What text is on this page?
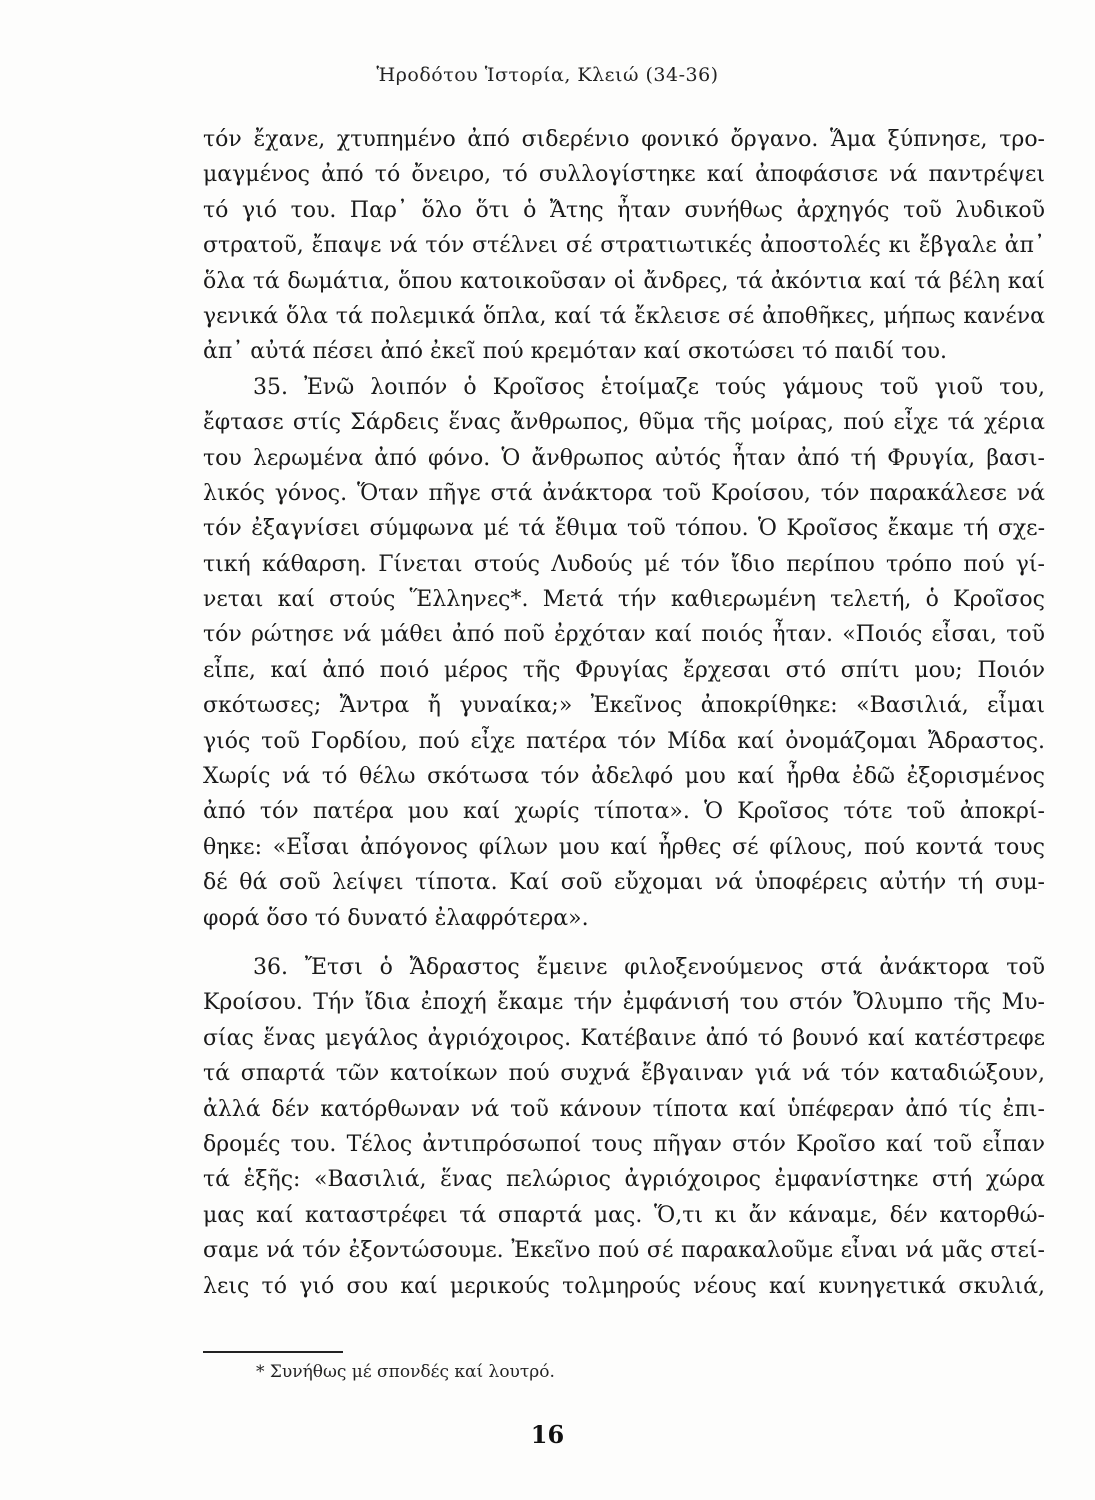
Ἡροδότου Ἱστορία, Κλειώ (34-36)
τόν ἔχανε, χτυπημένο ἀπό σιδερένιο φονικό ὄργανο. Ἅμα ξύπνησε, τρο-
μαγμένος ἀπό τό ὄνειρο, τό συλλογίστηκε καί ἀποφάσισε νά παντρέψει
τό γιό του. Παρ᾽ ὅλο ὅτι ὁ Ἄτης ἦταν συνήθως ἀρχηγός τοῦ λυδικοῦ
στρατοῦ, ἔπαψε νά τόν στέλνει σέ στρατιωτικές ἀποστολές κι ἔβγαλε ἀπ᾽
ὅλα τά δωμάτια, ὅπου κατοικοῦσαν οἱ ἄνδρες, τά ἀκόντια καί τά βέλη καί
γενικά ὅλα τά πολεμικά ὅπλα, καί τά ἔκλεισε σέ ἀποθῆκες, μήπως κανένα
ἀπ᾽ αὐτά πέσει ἀπό ἐκεῖ πού κρεμόταν καί σκοτώσει τό παιδί του.
35. Ἐνῶ λοιπόν ὁ Κροῖσος ἑτοίμαζε τούς γάμους τοῦ γιοῦ του,
ἔφτασε στίς Σάρδεις ἕνας ἄνθρωπος, θῦμα τῆς μοίρας, πού εἶχε τά χέρια
του λερωμένα ἀπό φόνο. Ὁ ἄνθρωπος αὐτός ἦταν ἀπό τή Φρυγία, βασι-
λικός γόνος. Ὅταν πῆγε στά ἀνάκτορα τοῦ Κροίσου, τόν παρακάλεσε νά
τόν ἐξαγνίσει σύμφωνα μέ τά ἔθιμα τοῦ τόπου. Ὁ Κροῖσος ἔκαμε τή σχε-
τική κάθαρση. Γίνεται στούς Λυδούς μέ τόν ἴδιο περίπου τρόπο πού γί-
νεται καί στούς Ἕλληνες*. Μετά τήν καθιερωμένη τελετή, ὁ Κροῖσος
τόν ρώτησε νά μάθει ἀπό ποῦ ἐρχόταν καί ποιός ἦταν. «Ποιός εἶσαι, τοῦ
εἶπε, καί ἀπό ποιό μέρος τῆς Φρυγίας ἔρχεσαι στό σπίτι μου; Ποιόν
σκότωσες; Ἄντρα ἤ γυναίκα;» Ἐκεῖνος ἀποκρίθηκε: «Βασιλιά, εἶμαι
γιός τοῦ Γορδίου, πού εἶχε πατέρα τόν Μίδα καί ὀνομάζομαι Ἄδραστος.
Χωρίς νά τό θέλω σκότωσα τόν ἀδελφό μου καί ἦρθα ἐδῶ ἐξορισμένος
ἀπό τόν πατέρα μου καί χωρίς τίποτα». Ὁ Κροῖσος τότε τοῦ ἀποκρί-
θηκε: «Εἶσαι ἀπόγονος φίλων μου καί ἦρθες σέ φίλους, πού κοντά τους
δέ θά σοῦ λείψει τίποτα. Καί σοῦ εὔχομαι νά ὑποφέρεις αὐτήν τή συμ-
φορά ὅσο τό δυνατό ἐλαφρότερα».
36. Ἔτσι ὁ Ἄδραστος ἔμεινε φιλοξενούμενος στά ἀνάκτορα τοῦ
Κροίσου. Τήν ἴδια ἐποχή ἔκαμε τήν ἐμφάνισή του στόν Ὄλυμπο τῆς Μυ-
σίας ἕνας μεγάλος ἀγριόχοιρος. Κατέβαινε ἀπό τό βουνό καί κατέστρεφε
τά σπαρτά τῶν κατοίκων πού συχνά ἔβγαιναν γιά νά τόν καταδιώξουν,
ἀλλά δέν κατόρθωναν νά τοῦ κάνουν τίποτα καί ὑπέφεραν ἀπό τίς ἐπι-
δρομές του. Τέλος ἀντιπρόσωποί τους πῆγαν στόν Κροῖσο καί τοῦ εἶπαν
τά ἑξῆς: «Βασιλιά, ἕνας πελώριος ἀγριόχοιρος ἐμφανίστηκε στή χώρα
μας καί καταστρέφει τά σπαρτά μας. Ὅ,τι κι ἄν κάναμε, δέν κατορθώ-
σαμε νά τόν ἐξοντώσουμε. Ἐκεῖνο πού σέ παρακαλοῦμε εἶναι νά μᾶς στεί-
λεις τό γιό σου καί μερικούς τολμηρούς νέους καί κυνηγετικά σκυλιά,
* Συνήθως μέ σπονδές καί λουτρό.
16
